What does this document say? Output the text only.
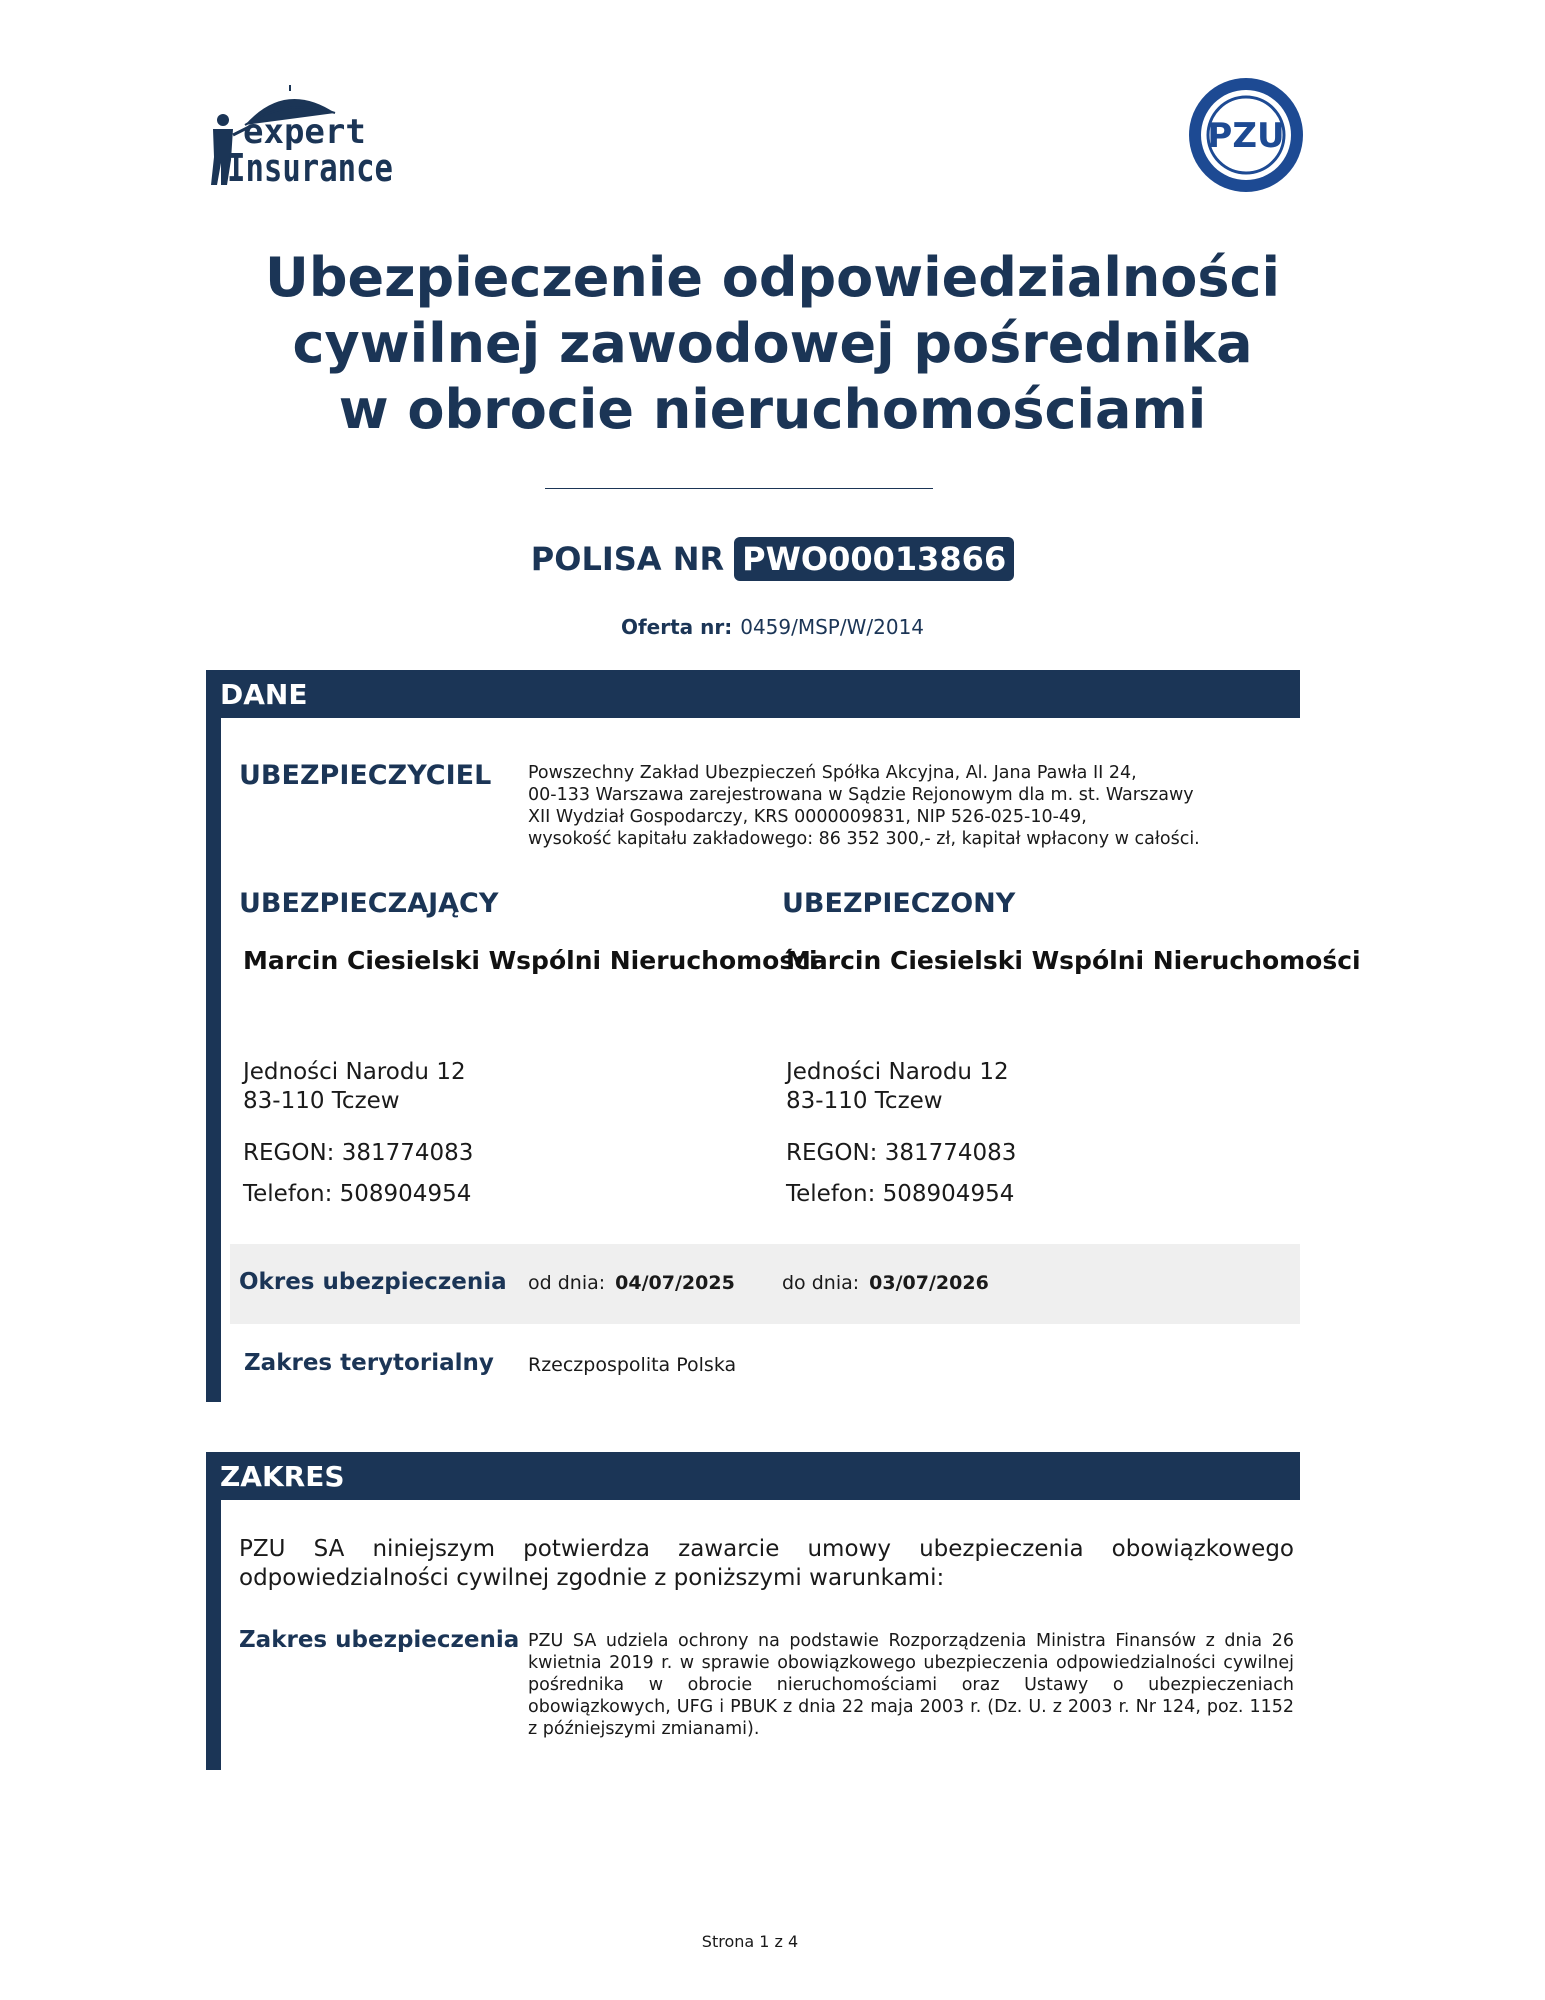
expert
Insurance
PZU
Ubezpieczenie odpowiedzialności
cywilnej zawodowej pośrednika
w obrocie nieruchomościami
POLISA NR PWO00013866
Oferta nr: 0459/MSP/W/2014
DANE
UBEZPIECZYCIEL Powszechny Zakład Ubezpieczeń Spółka Akcyjna, Al. Jana Pawła II 24,
00-133 Warszawa zarejestrowana w Sądzie Rejonowym dla m. st. Warszawy
XII Wydział Gospodarczy, KRS 0000009831, NIP 526-025-10-49,
wysokość kapitału zakładowego: 86 352 300,- zł, kapitał wpłacony w całości.
UBEZPIECZAJĄCY
Marcin Ciesielski Wspólni Nieruchomości
Jedności Narodu 12
83-110 Tczew
REGON: 381774083
Telefon: 508904954
UBEZPIECZONY
Marcin Ciesielski Wspólni Nieruchomości
Jedności Narodu 12
83-110 Tczew
REGON: 381774083
Telefon: 508904954
Okres ubezpieczenia od dnia: 04/07/2025 do dnia: 03/07/2026
Zakres terytorialny Rzeczpospolita Polska
ZAKRES
PZU SA niniejszym potwierdza zawarcie umowy ubezpieczenia obowiązkowego odpowiedzialności cywilnej zgodnie z poniższymi warunkami:
Zakres ubezpieczenia PZU SA udziela ochrony na podstawie Rozporządzenia Ministra Finansów z dnia 26 kwietnia 2019 r. w sprawie obowiązkowego ubezpieczenia odpowiedzialności cywilnej pośrednika w obrocie nieruchomościami oraz Ustawy o ubezpieczeniach obowiązkowych, UFG i PBUK z dnia 22 maja 2003 r. (Dz. U. z 2003 r. Nr 124, poz. 1152 z późniejszymi zmianami).
Strona 1 z 4
